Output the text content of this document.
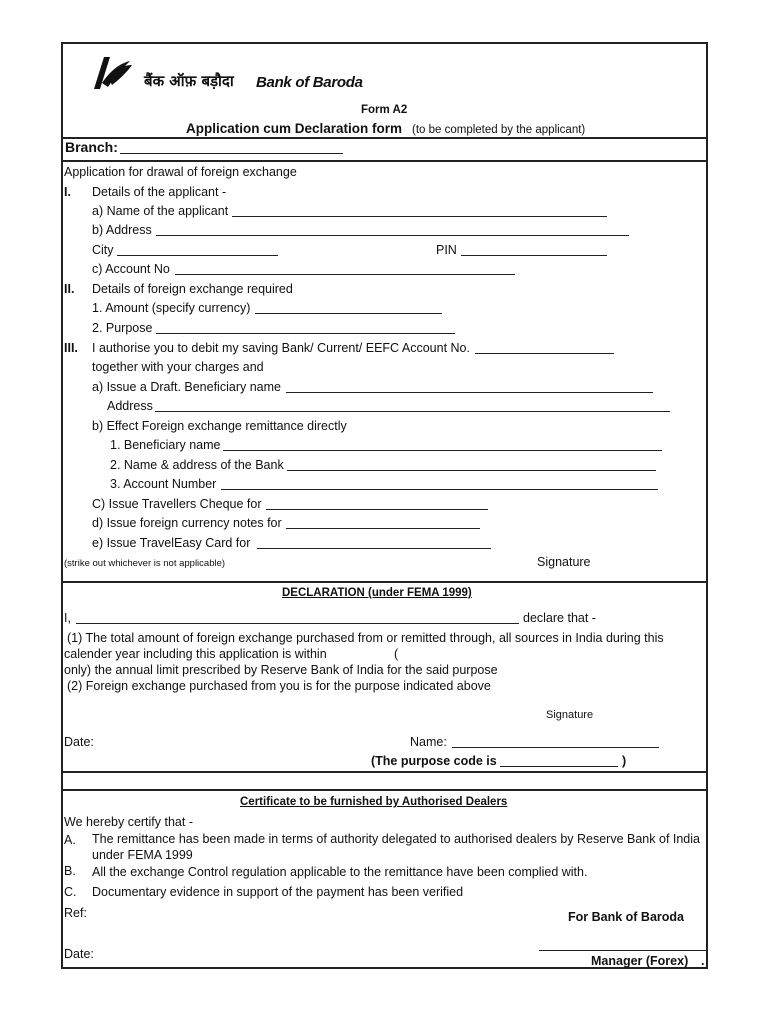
बैंक ऑफ़ बड़ौदा Bank of Baroda
Form A2
Application cum Declaration form (to be completed by the applicant)
Branch:
Application for drawal of foreign exchange
I. Details of the applicant -
a) Name of the applicant
b) Address
City	PIN
c) Account No
II. Details of foreign exchange required
1. Amount (specify currency)
2. Purpose
III. I authorise you to debit my saving Bank/ Current/ EEFC Account No.
together with your charges and
a) Issue a Draft. Beneficiary name
Address
b) Effect Foreign exchange remittance directly
1. Beneficiary name
2. Name & address of the Bank
3. Account Number
C) Issue Travellers Cheque for
d) Issue foreign currency notes for
e) Issue TravelEasy Card for
(strike out whichever is not applicable)	Signature
DECLARATION (under FEMA 1999)
I,	declare that -
(1) The total amount of foreign exchange purchased from or remitted through, all sources in India during this
calender year including this application is within	(
only) the annual limit prescribed by Reserve Bank of India for the said purpose
(2) Foreign exchange purchased from you is for the purpose indicated above
Signature
Date:	Name:
(The purpose code is	)
Certificate to be furnished by Authorised Dealers
We hereby certify that -
A. The remittance has been made in terms of authority delegated to authorised dealers by Reserve Bank of India
under FEMA 1999
B. All the exchange Control regulation applicable to the remittance have been complied with.
C. Documentary evidence in support of the payment has been verified
Ref:	For Bank of Baroda
Date:	Manager (Forex) .
